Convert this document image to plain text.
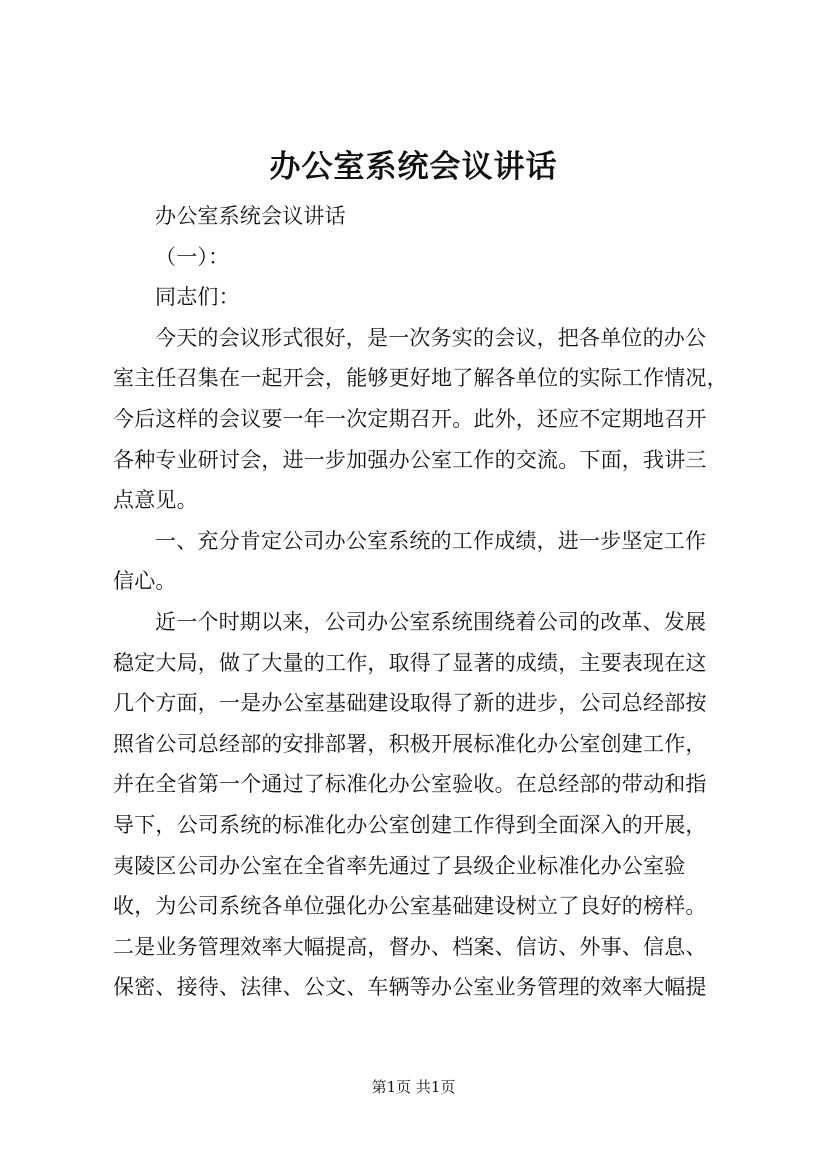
办公室系统会议讲话
办公室系统会议讲话
（一）：
同志们：
今天的会议形式很好，是一次务实的会议，把各单位的办公
室主任召集在一起开会，能够更好地了解各单位的实际工作情况，
今后这样的会议要一年一次定期召开。此外，还应不定期地召开
各种专业研讨会，进一步加强办公室工作的交流。下面，我讲三
点意见。
一、充分肯定公司办公室系统的工作成绩，进一步坚定工作
信心。
近一个时期以来，公司办公室系统围绕着公司的改革、发展
稳定大局，做了大量的工作，取得了显著的成绩，主要表现在这
几个方面，一是办公室基础建设取得了新的进步，公司总经部按
照省公司总经部的安排部署，积极开展标准化办公室创建工作，
并在全省第一个通过了标准化办公室验收。在总经部的带动和指
导下，公司系统的标准化办公室创建工作得到全面深入的开展，
夷陵区公司办公室在全省率先通过了县级企业标准化办公室验
收，为公司系统各单位强化办公室基础建设树立了良好的榜样。
二是业务管理效率大幅提高，督办、档案、信访、外事、信息、
保密、接待、法律、公文、车辆等办公室业务管理的效率大幅提
第1页 共1页
